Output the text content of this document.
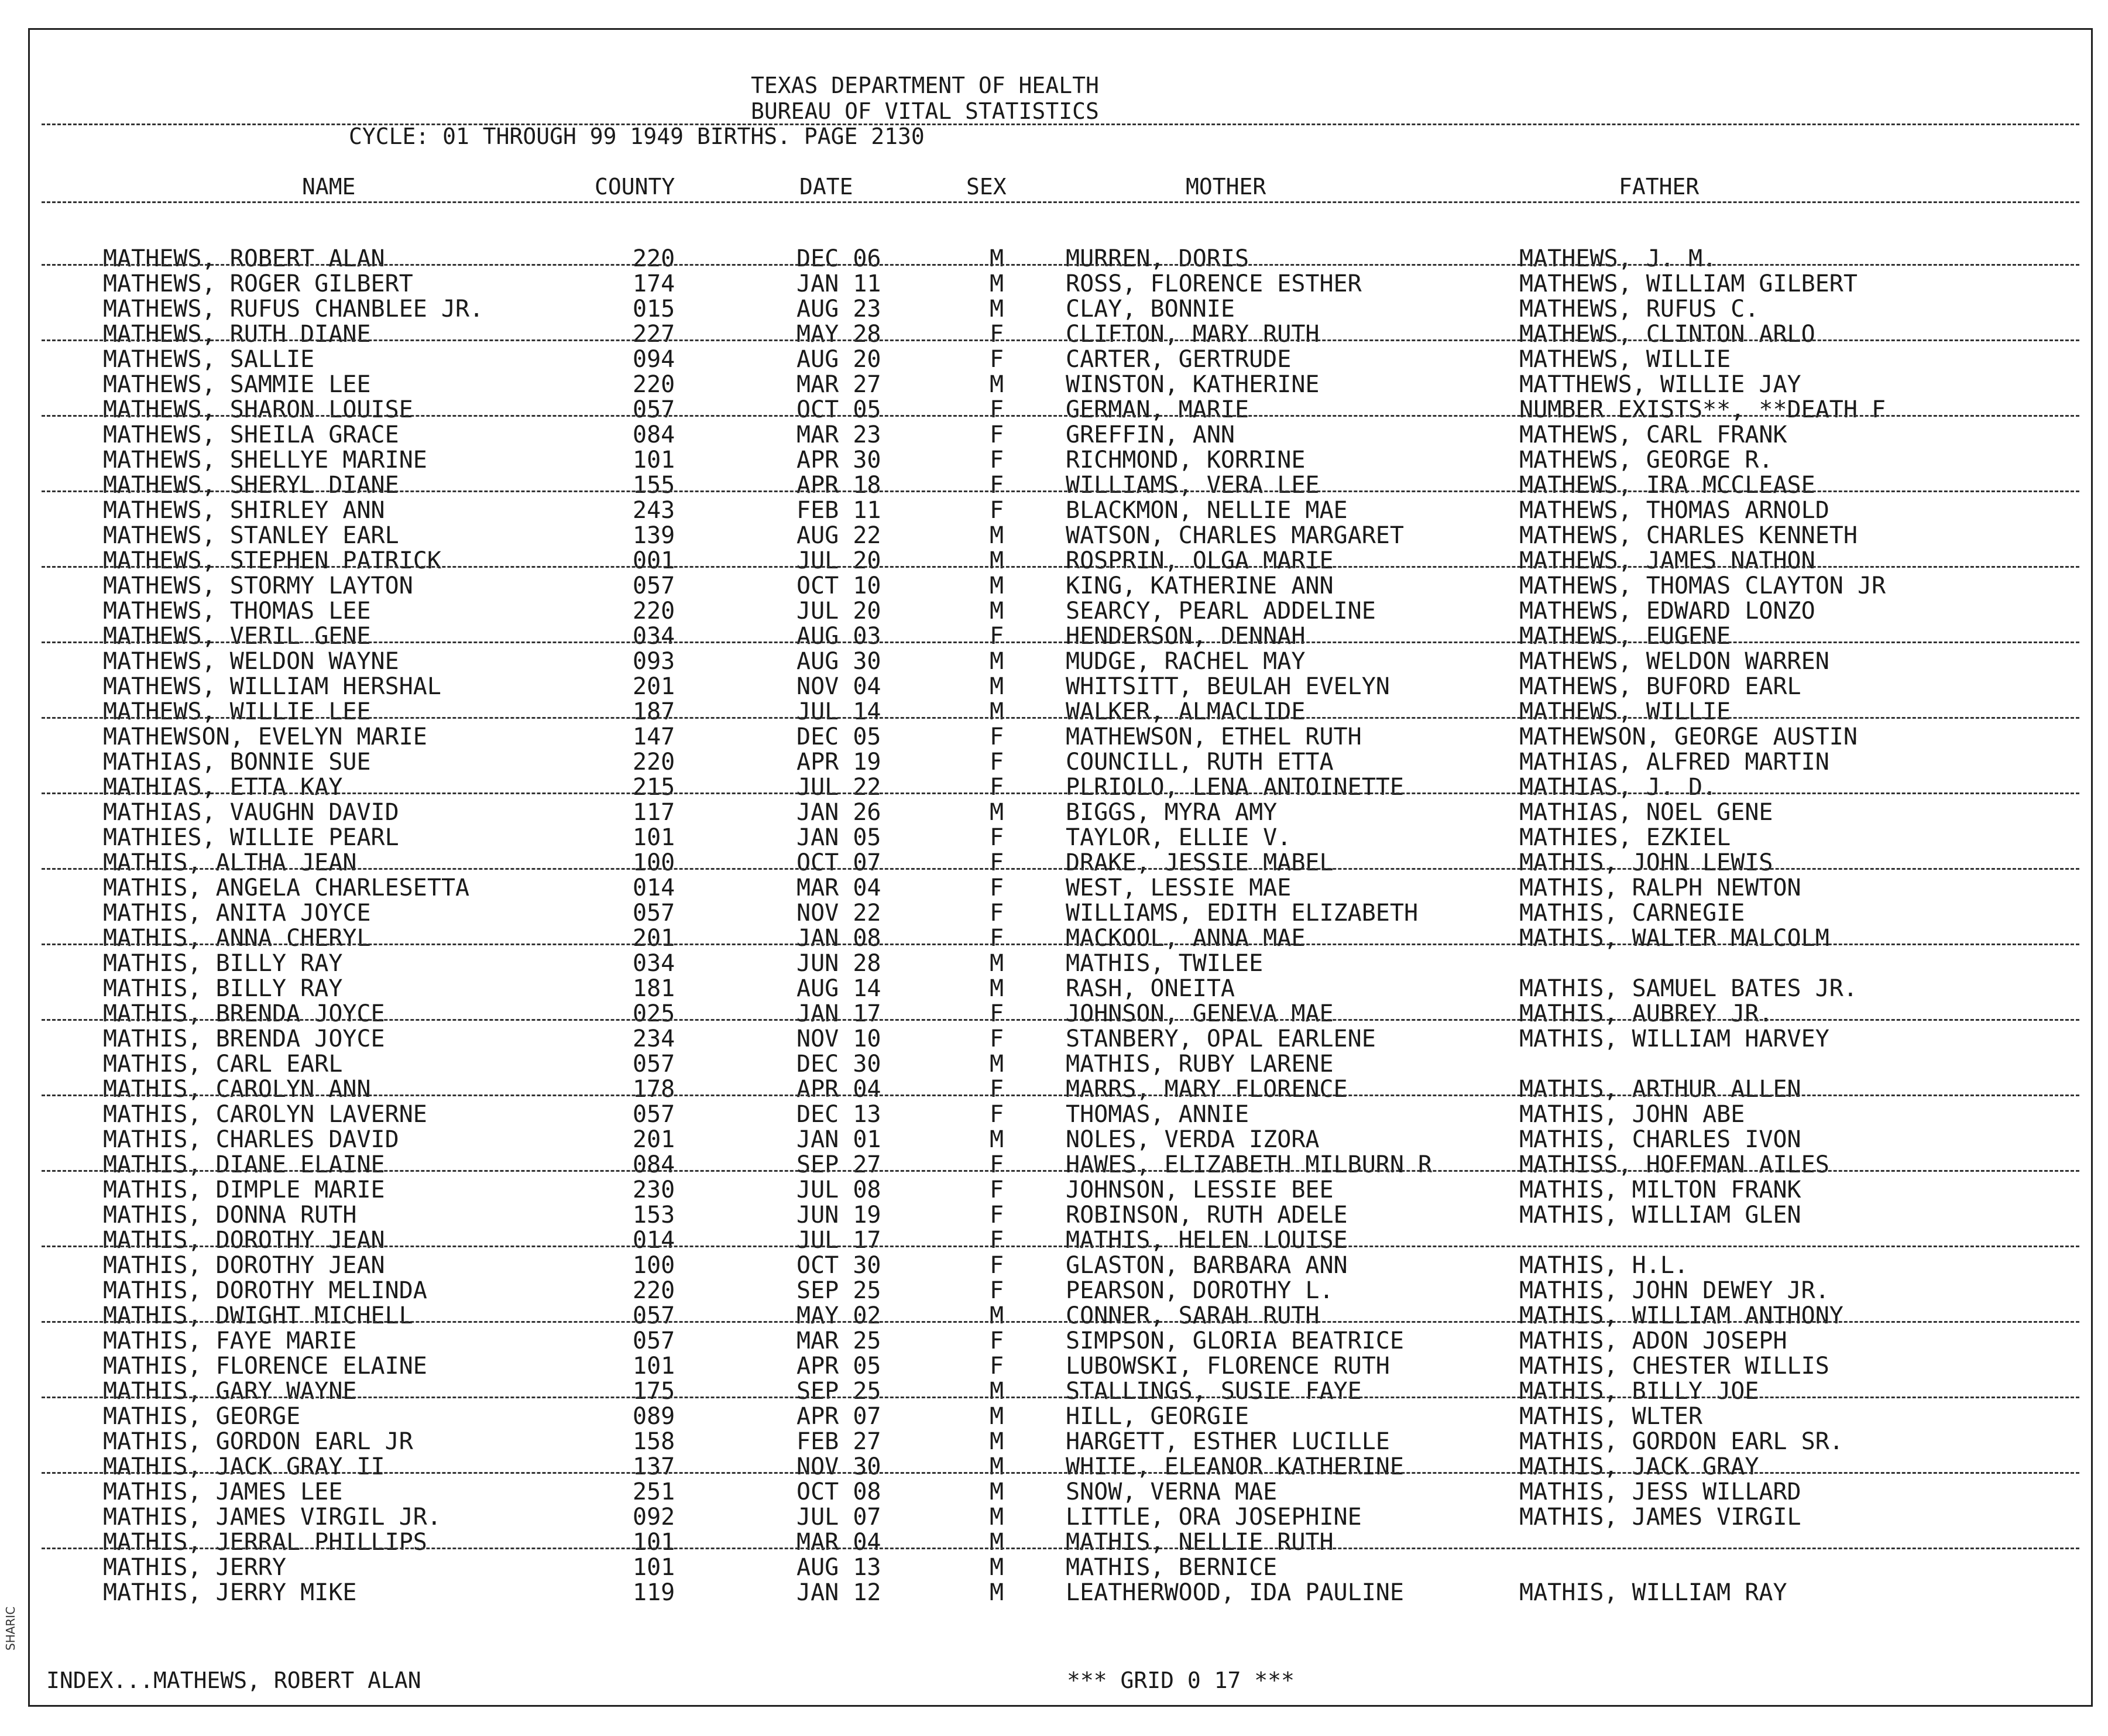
TEXAS DEPARTMENT OF HEALTH
BUREAU OF VITAL STATISTICS
CYCLE: 01 THROUGH 99 1949 BIRTHS. PAGE 2130
NAME	COUNTY	DATE	SEX	MOTHER	FATHER
MATHEWS, ROBERT ALAN	220	DEC 06	M	MURREN, DORIS	MATHEWS, J. M.
MATHEWS, ROGER GILBERT	174	JAN 11	M	ROSS, FLORENCE ESTHER	MATHEWS, WILLIAM GILBERT
MATHEWS, RUFUS CHANBLEE JR.	015	AUG 23	M	CLAY, BONNIE	MATHEWS, RUFUS C.
MATHEWS, RUTH DIANE	227	MAY 28	F	CLIFTON, MARY RUTH	MATHEWS, CLINTON ARLO
MATHEWS, SALLIE	094	AUG 20	F	CARTER, GERTRUDE	MATHEWS, WILLIE
MATHEWS, SAMMIE LEE	220	MAR 27	M	WINSTON, KATHERINE	MATTHEWS, WILLIE JAY
MATHEWS, SHARON LOUISE	057	OCT 05	F	GERMAN, MARIE	NUMBER EXISTS**, **DEATH F
MATHEWS, SHEILA GRACE	084	MAR 23	F	GREFFIN, ANN	MATHEWS, CARL FRANK
MATHEWS, SHELLYE MARINE	101	APR 30	F	RICHMOND, KORRINE	MATHEWS, GEORGE R.
MATHEWS, SHERYL DIANE	155	APR 18	F	WILLIAMS, VERA LEE	MATHEWS, IRA MCCLEASE
MATHEWS, SHIRLEY ANN	243	FEB 11	F	BLACKMON, NELLIE MAE	MATHEWS, THOMAS ARNOLD
MATHEWS, STANLEY EARL	139	AUG 22	M	WATSON, CHARLES MARGARET	MATHEWS, CHARLES KENNETH
MATHEWS, STEPHEN PATRICK	001	JUL 20	M	ROSPRIN, OLGA MARIE	MATHEWS, JAMES NATHON
MATHEWS, STORMY LAYTON	057	OCT 10	M	KING, KATHERINE ANN	MATHEWS, THOMAS CLAYTON JR
MATHEWS, THOMAS LEE	220	JUL 20	M	SEARCY, PEARL ADDELINE	MATHEWS, EDWARD LONZO
MATHEWS, VERIL GENE	034	AUG 03	F	HENDERSON, DENNAH	MATHEWS, EUGENE
MATHEWS, WELDON WAYNE	093	AUG 30	M	MUDGE, RACHEL MAY	MATHEWS, WELDON WARREN
MATHEWS, WILLIAM HERSHAL	201	NOV 04	M	WHITSITT, BEULAH EVELYN	MATHEWS, BUFORD EARL
MATHEWS, WILLIE LEE	187	JUL 14	M	WALKER, ALMACLIDE	MATHEWS, WILLIE
MATHEWSON, EVELYN MARIE	147	DEC 05	F	MATHEWSON, ETHEL RUTH	MATHEWSON, GEORGE AUSTIN
MATHIAS, BONNIE SUE	220	APR 19	F	COUNCILL, RUTH ETTA	MATHIAS, ALFRED MARTIN
MATHIAS, ETTA KAY	215	JUL 22	F	PLRIOLO, LENA ANTOINETTE	MATHIAS, J. D.
MATHIAS, VAUGHN DAVID	117	JAN 26	M	BIGGS, MYRA AMY	MATHIAS, NOEL GENE
MATHIES, WILLIE PEARL	101	JAN 05	F	TAYLOR, ELLIE V.	MATHIES, EZKIEL
MATHIS, ALTHA JEAN	100	OCT 07	F	DRAKE, JESSIE MABEL	MATHIS, JOHN LEWIS
MATHIS, ANGELA CHARLESETTA	014	MAR 04	F	WEST, LESSIE MAE	MATHIS, RALPH NEWTON
MATHIS, ANITA JOYCE	057	NOV 22	F	WILLIAMS, EDITH ELIZABETH	MATHIS, CARNEGIE
MATHIS, ANNA CHERYL	201	JAN 08	F	MACKOOL, ANNA MAE	MATHIS, WALTER MALCOLM
MATHIS, BILLY RAY	034	JUN 28	M	MATHIS, TWILEE
MATHIS, BILLY RAY	181	AUG 14	M	RASH, ONEITA	MATHIS, SAMUEL BATES JR.
MATHIS, BRENDA JOYCE	025	JAN 17	F	JOHNSON, GENEVA MAE	MATHIS, AUBREY JR.
MATHIS, BRENDA JOYCE	234	NOV 10	F	STANBERY, OPAL EARLENE	MATHIS, WILLIAM HARVEY
MATHIS, CARL EARL	057	DEC 30	M	MATHIS, RUBY LARENE
MATHIS, CAROLYN ANN	178	APR 04	F	MARRS, MARY FLORENCE	MATHIS, ARTHUR ALLEN
MATHIS, CAROLYN LAVERNE	057	DEC 13	F	THOMAS, ANNIE	MATHIS, JOHN ABE
MATHIS, CHARLES DAVID	201	JAN 01	M	NOLES, VERDA IZORA	MATHIS, CHARLES IVON
MATHIS, DIANE ELAINE	084	SEP 27	F	HAWES, ELIZABETH MILBURN R	MATHISS, HOFFMAN AILES
MATHIS, DIMPLE MARIE	230	JUL 08	F	JOHNSON, LESSIE BEE	MATHIS, MILTON FRANK
MATHIS, DONNA RUTH	153	JUN 19	F	ROBINSON, RUTH ADELE	MATHIS, WILLIAM GLEN
MATHIS, DOROTHY JEAN	014	JUL 17	F	MATHIS, HELEN LOUISE
MATHIS, DOROTHY JEAN	100	OCT 30	F	GLASTON, BARBARA ANN	MATHIS, H.L.
MATHIS, DOROTHY MELINDA	220	SEP 25	F	PEARSON, DOROTHY L.	MATHIS, JOHN DEWEY JR.
MATHIS, DWIGHT MICHELL	057	MAY 02	M	CONNER, SARAH RUTH	MATHIS, WILLIAM ANTHONY
MATHIS, FAYE MARIE	057	MAR 25	F	SIMPSON, GLORIA BEATRICE	MATHIS, ADON JOSEPH
MATHIS, FLORENCE ELAINE	101	APR 05	F	LUBOWSKI, FLORENCE RUTH	MATHIS, CHESTER WILLIS
MATHIS, GARY WAYNE	175	SEP 25	M	STALLINGS, SUSIE FAYE	MATHIS, BILLY JOE
MATHIS, GEORGE	089	APR 07	M	HILL, GEORGIE	MATHIS, WLTER
MATHIS, GORDON EARL JR	158	FEB 27	M	HARGETT, ESTHER LUCILLE	MATHIS, GORDON EARL SR.
MATHIS, JACK GRAY II	137	NOV 30	M	WHITE, ELEANOR KATHERINE	MATHIS, JACK GRAY
MATHIS, JAMES LEE	251	OCT 08	M	SNOW, VERNA MAE	MATHIS, JESS WILLARD
MATHIS, JAMES VIRGIL JR.	092	JUL 07	M	LITTLE, ORA JOSEPHINE	MATHIS, JAMES VIRGIL
MATHIS, JERRAL PHILLIPS	101	MAR 04	M	MATHIS, NELLIE RUTH
MATHIS, JERRY	101	AUG 13	M	MATHIS, BERNICE
MATHIS, JERRY MIKE	119	JAN 12	M	LEATHERWOOD, IDA PAULINE	MATHIS, WILLIAM RAY
INDEX...MATHEWS, ROBERT ALAN	*** GRID 0 17 ***
SHARIC
